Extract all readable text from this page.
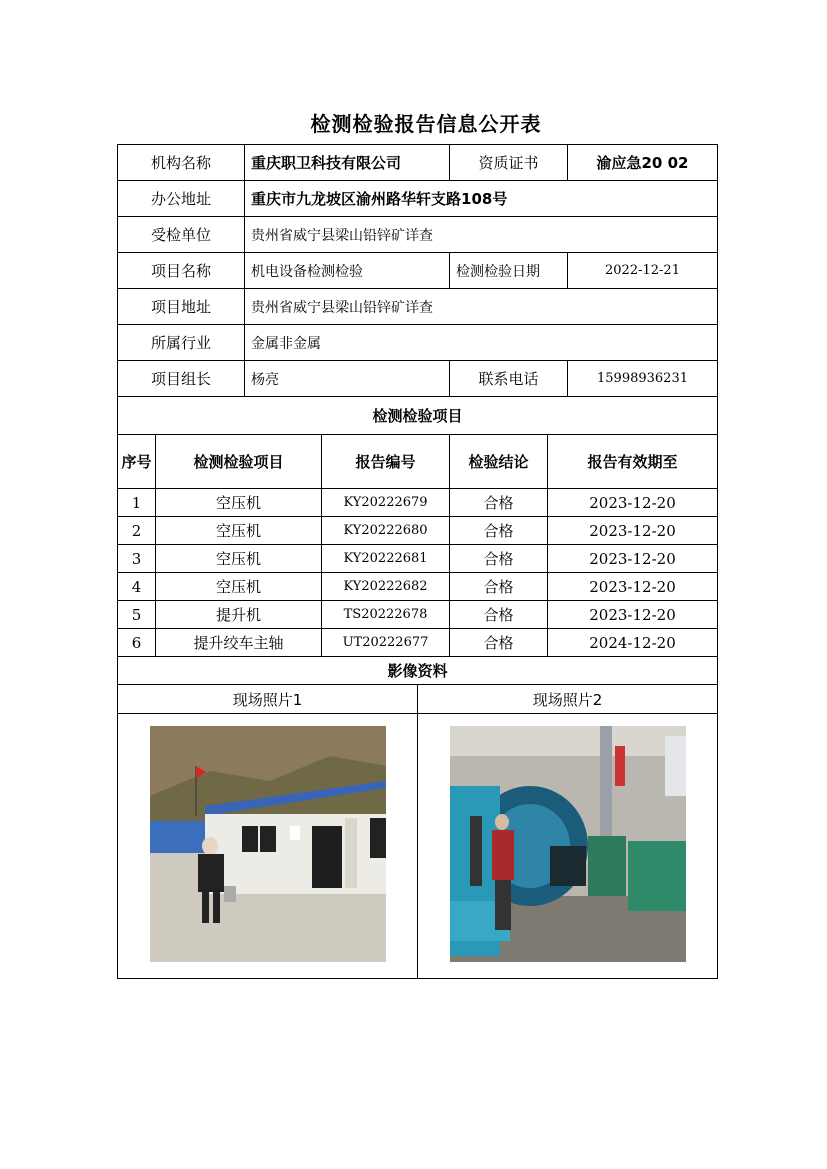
检测检验报告信息公开表
机构名称	重庆职卫科技有限公司	资质证书	渝应急20 02
办公地址	重庆市九龙坡区渝州路华轩支路108号		
受检单位	贵州省威宁县梁山铅锌矿详查		
项目名称	机电设备检测检验	检测检验日期	2022-12-21
项目地址	贵州省威宁县梁山铅锌矿详查		
所属行业	金属非金属		
项目组长	杨亮	联系电话	15998936231
检测检验项目			
序号	检测检验项目	报告编号	检验结论	报告有效期至
1	空压机	KY20222679	合格	2023-12-20
2	空压机	KY20222680	合格	2023-12-20
3	空压机	KY20222681	合格	2023-12-20
4	空压机	KY20222682	合格	2023-12-20
5	提升机	TS20222678	合格	2023-12-20
6	提升绞车主轴	UT20222677	合格	2024-12-20
影像资料				
现场照片1	现场照片2
